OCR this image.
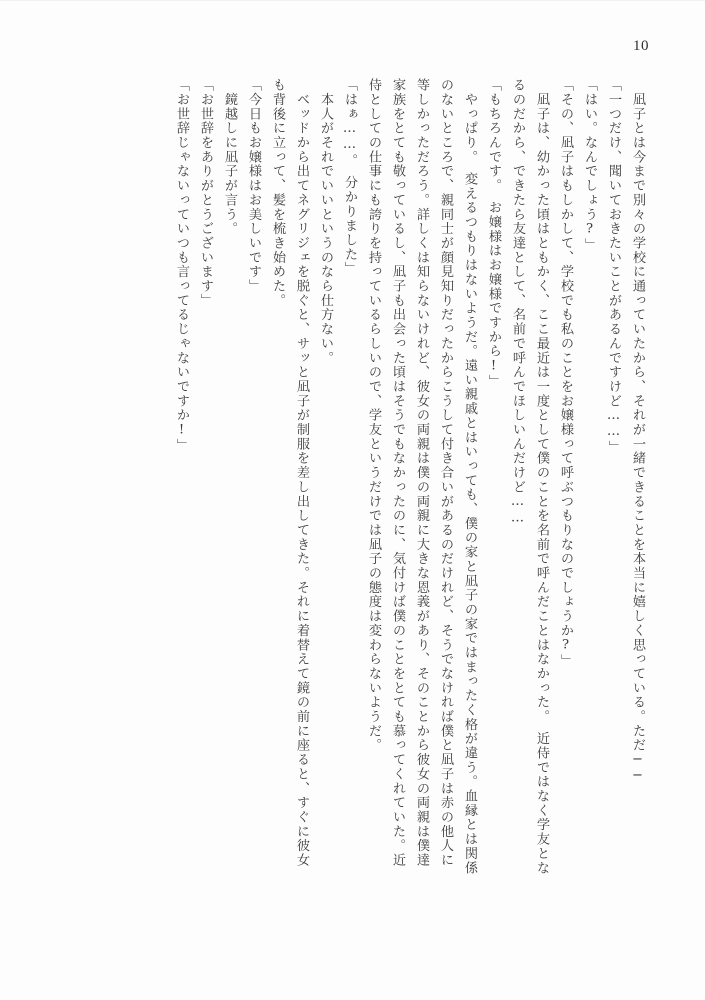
10
　凪子とは今まで別々の学校に通っていたから、それが一緒できることを本当に嬉しく思っている。ただ──
「一つだけ、聞いておきたいことがあるんですけど……」
「はい。なんでしょう?」
「その、凪子はもしかして、学校でも私のことをお嬢様って呼ぶつもりなのでしょうか?」
　凪子は、幼かった頃はともかく、ここ最近は一度として僕のことを名前で呼んだことはなかった。　近侍ではなく学友とな
るのだから、できたら友達として、名前で呼んでほしいんだけど……
「もちろんです。　お嬢様はお嬢様ですから!」
　やっぱり。　変えるつもりはないようだ。遠い親戚とはいっても、僕の家と凪子の家ではまったく格が違う。血縁とは関係
のないところで、親同士が顔見知りだったからこうして付き合いがあるのだけれど、そうでなければ僕と凪子は赤の他人に
等しかっただろう。詳しくは知らないけれど、彼女の両親は僕の両親に大きな恩義があり、そのことから彼女の両親は僕達
家族をとても敬っているし、凪子も出会った頃はそうでもなかったのに、気付けば僕のことをとても慕ってくれていた。近
侍としての仕事にも誇りを持っているらしいので、学友というだけでは凪子の態度は変わらないようだ。
「はぁ……。　分かりました」
　本人がそれでいいというのなら仕方ない。
　ベッドから出てネグリジェを脱ぐと、サッと凪子が制服を差し出してきた。それに着替えて鏡の前に座ると、すぐに彼女
も背後に立って、髪を梳き始めた。
「今日もお嬢様はお美しいです」
　鏡越しに凪子が言う。
「お世辞をありがとうございます」
「お世辞じゃないっていつも言ってるじゃないですか!」
